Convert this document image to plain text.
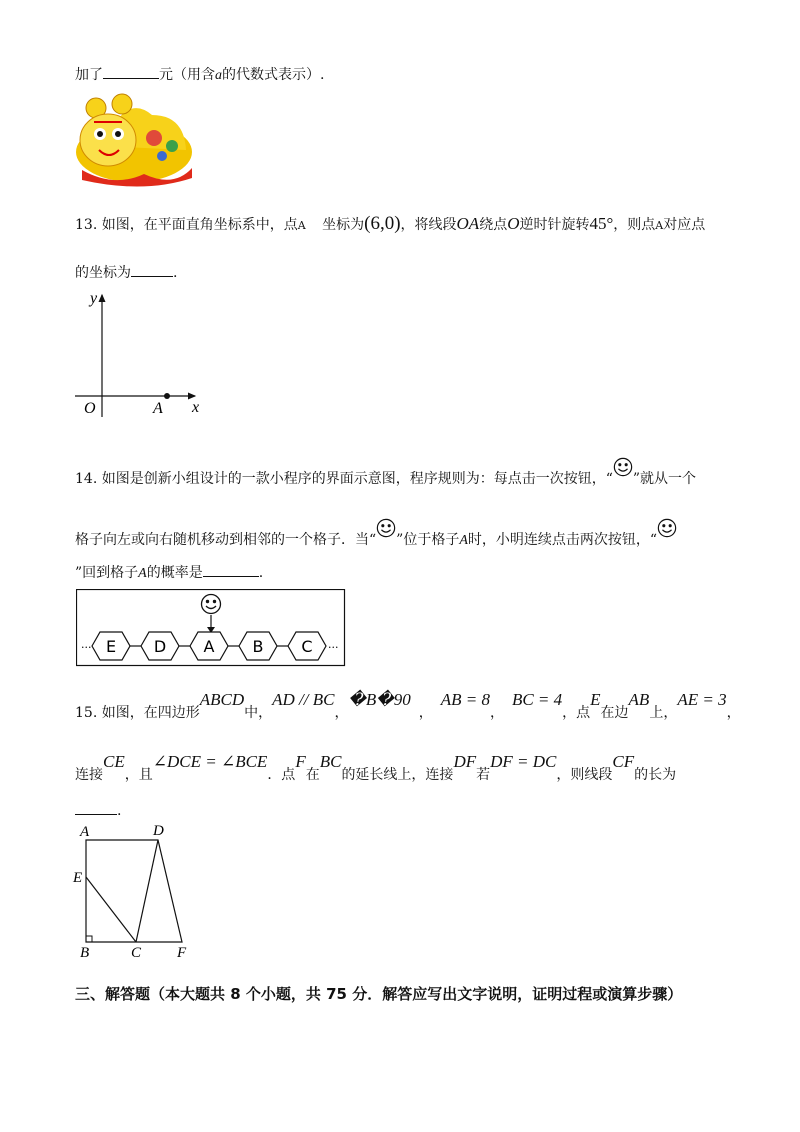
加了	元（用含a的代数式表示）.
13. 如图，在平面直角坐标系中，点A 坐标为(6,0)，将线段OA绕点O逆时针旋转45°，则点A对应点
的坐标为	.
y
x
O	A
14. 如图是创新小组设计的一款小程序的界面示意图，程序规则为：每点击一次按钮，“ ”就从一个
格子向左或向右随机移动到相邻的一个格子．当“ ”位于格子A时，小明连续点击两次按钮，“
”回到格子A的概率是	.
···	···
E D A B C
15. 如图，在四边形ABCD中，AD // BC，�B�90，AB = 8，BC = 4，点E在边AB上，AE = 3，
连接CE，且∠DCE = ∠BCE．点F在BC的延长线上，连接DF若DF = DC，则线段CF的长为
.
A	D
E
B	C F
三、解答题（本大题共 8 个小题，共 75 分．解答应写出文字说明，证明过程或演算步骤）
